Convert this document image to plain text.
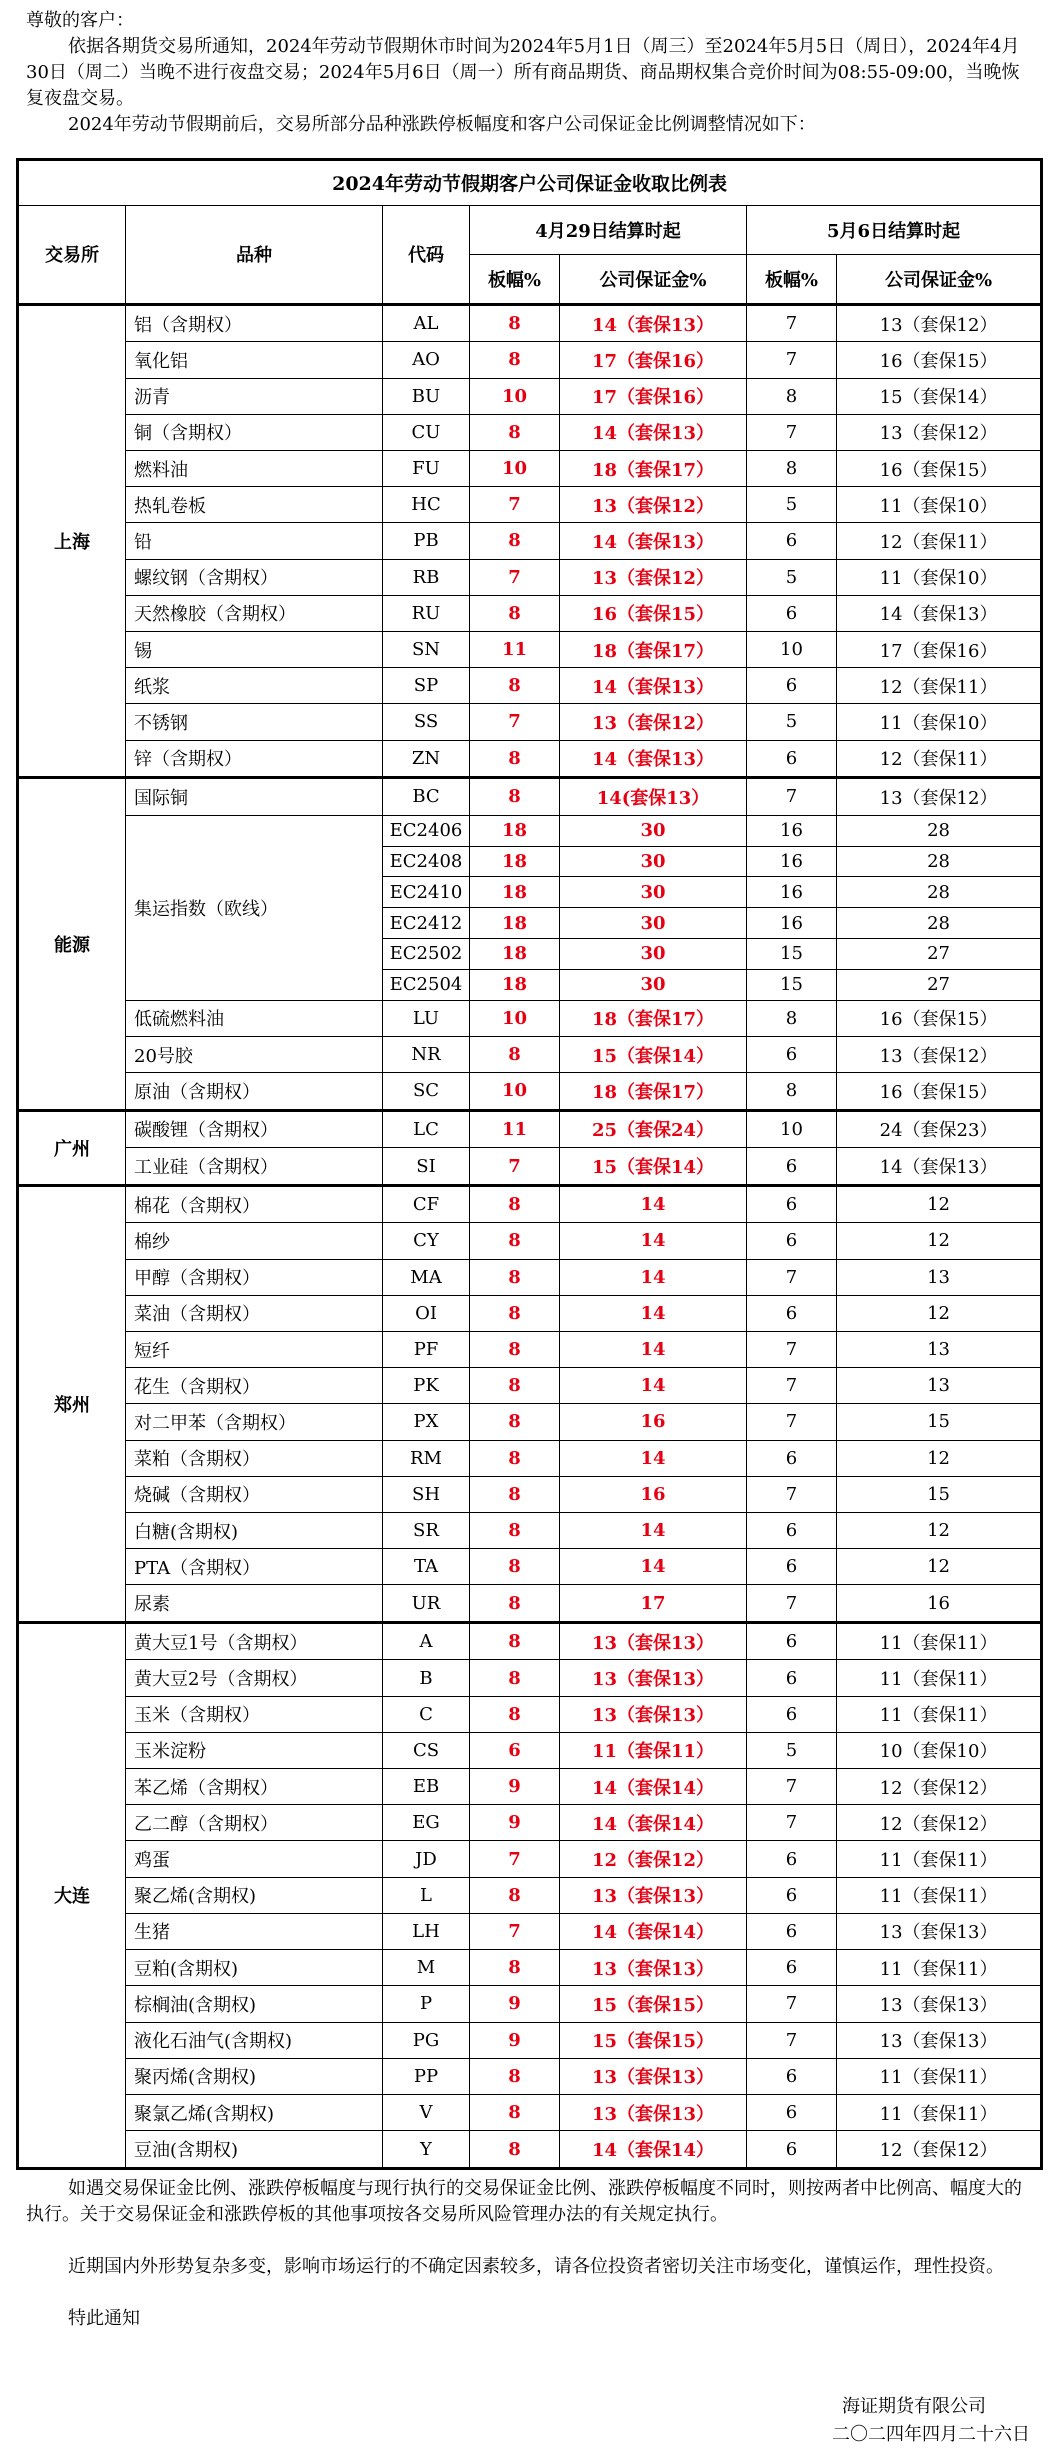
尊敬的客户：

依据各期货交易所通知，2024年劳动节假期休市时间为2024年5月1日（周三）至2024年5月5日（周日），2024年4月30日（周二）当晚不进行夜盘交易；2024年5月6日（周一）所有商品期货、商品期权集合竞价时间为08:55-09:00，当晚恢复夜盘交易。

2024年劳动节假期前后，交易所部分品种涨跌停板幅度和客户公司保证金比例调整情况如下：

2024年劳动节假期客户公司保证金收取比例表						
交易所	品种	代码	4月29日结算时起		5月6日结算时起	
			板幅%	公司保证金%	板幅%	公司保证金%
上海	铝（含期权）	AL	8	14（套保13）	7	13（套保12）
	氧化铝	AO	8	17（套保16）	7	16（套保15）
	沥青	BU	10	17（套保16）	8	15（套保14）
	铜（含期权）	CU	8	14（套保13）	7	13（套保12）
	燃料油	FU	10	18（套保17）	8	16（套保15）
	热轧卷板	HC	7	13（套保12）	5	11（套保10）
	铅	PB	8	14（套保13）	6	12（套保11）
	螺纹钢（含期权）	RB	7	13（套保12）	5	11（套保10）
	天然橡胶（含期权）	RU	8	16（套保15）	6	14（套保13）
	锡	SN	11	18（套保17）	10	17（套保16）
	纸浆	SP	8	14（套保13）	6	12（套保11）
	不锈钢	SS	7	13（套保12）	5	11（套保10）
	锌（含期权）	ZN	8	14（套保13）	6	12（套保11）
能源	国际铜	BC	8	14(套保13）	7	13（套保12）
	集运指数（欧线）	EC2406	18	30	16	28
		EC2408	18	30	16	28
		EC2410	18	30	16	28
		EC2412	18	30	16	28
		EC2502	18	30	15	27
		EC2504	18	30	15	27
	低硫燃料油	LU	10	18（套保17）	8	16（套保15）
	20号胶	NR	8	15（套保14）	6	13（套保12）
	原油（含期权）	SC	10	18（套保17）	8	16（套保15）
广州	碳酸锂（含期权）	LC	11	25（套保24）	10	24（套保23）
	工业硅（含期权）	SI	7	15（套保14）	6	14（套保13）
郑州	棉花（含期权）	CF	8	14	6	12
	棉纱	CY	8	14	6	12
	甲醇（含期权）	MA	8	14	7	13
	菜油（含期权）	OI	8	14	6	12
	短纤	PF	8	14	7	13
	花生（含期权）	PK	8	14	7	13
	对二甲苯（含期权）	PX	8	16	7	15
	菜粕（含期权）	RM	8	14	6	12
	烧碱（含期权）	SH	8	16	7	15
	白糖(含期权)	SR	8	14	6	12
	PTA（含期权）	TA	8	14	6	12
	尿素	UR	8	17	7	16
大连	黄大豆1号（含期权）	A	8	13（套保13）	6	11（套保11）
	黄大豆2号（含期权）	B	8	13（套保13）	6	11（套保11）
	玉米（含期权）	C	8	13（套保13）	6	11（套保11）
	玉米淀粉	CS	6	11（套保11）	5	10（套保10）
	苯乙烯（含期权）	EB	9	14（套保14）	7	12（套保12）
	乙二醇（含期权）	EG	9	14（套保14）	7	12（套保12）
	鸡蛋	JD	7	12（套保12）	6	11（套保11）
	聚乙烯(含期权)	L	8	13（套保13）	6	11（套保11）
	生猪	LH	7	14（套保14）	6	13（套保13）
	豆粕(含期权)	M	8	13（套保13）	6	11（套保11）
	棕榈油(含期权)	P	9	15（套保15）	7	13（套保13）
	液化石油气(含期权)	PG	9	15（套保15）	7	13（套保13）
	聚丙烯(含期权)	PP	8	13（套保13）	6	11（套保11）
	聚氯乙烯(含期权)	V	8	13（套保13）	6	11（套保11）
	豆油(含期权)	Y	8	14（套保14）	6	12（套保12）

如遇交易保证金比例、涨跌停板幅度与现行执行的交易保证金比例、涨跌停板幅度不同时，则按两者中比例高、幅度大的执行。关于交易保证金和涨跌停板的其他事项按各交易所风险管理办法的有关规定执行。

近期国内外形势复杂多变，影响市场运行的不确定因素较多，请各位投资者密切关注市场变化，谨慎运作，理性投资。

特此通知

海证期货有限公司
二〇二四年四月二十六日
